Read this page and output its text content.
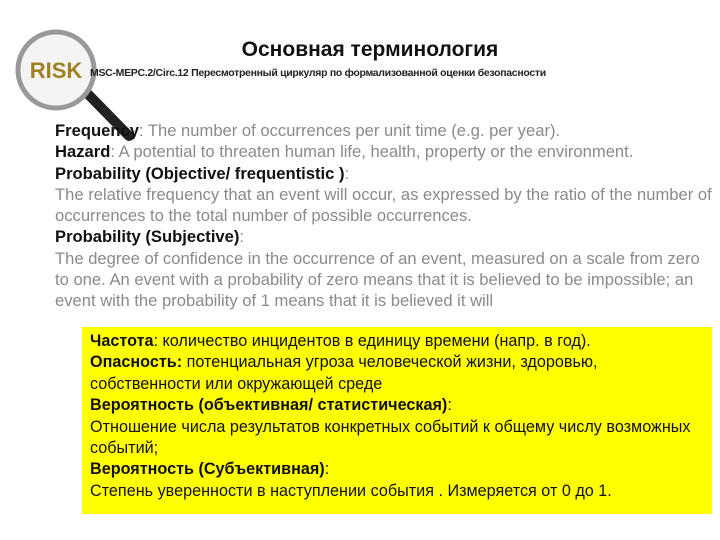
RISK
Основная терминология
MSC-MEPC.2/Circ.12 Пересмотренный циркуляр по формализованной оценки безопасности
Frequency: The number of occurrences per unit time (e.g. per year).
Hazard: A potential to threaten human life, health, property or the environment.
Probability (Objective/ frequentistic ):
The relative frequency that an event will occur, as expressed by the ratio of the number of occurrences to the total number of possible occurrences.
Probability (Subjective):
The degree of confidence in the occurrence of an event, measured on a scale from zero to one. An event with a probability of zero means that it is believed to be impossible; an event with the probability of 1 means that it is believed it will
Частота: количество инцидентов в единицу времени (напр. в год).
Опасность: потенциальная угроза человеческой жизни, здоровью, собственности или окружающей среде
Вероятность (объективная/ статистическая):
Отношение числа результатов конкретных событий к общему числу возможных событий;
Вероятность (Субъективная):
Степень уверенности в наступлении события . Измеряется от 0 до 1.
